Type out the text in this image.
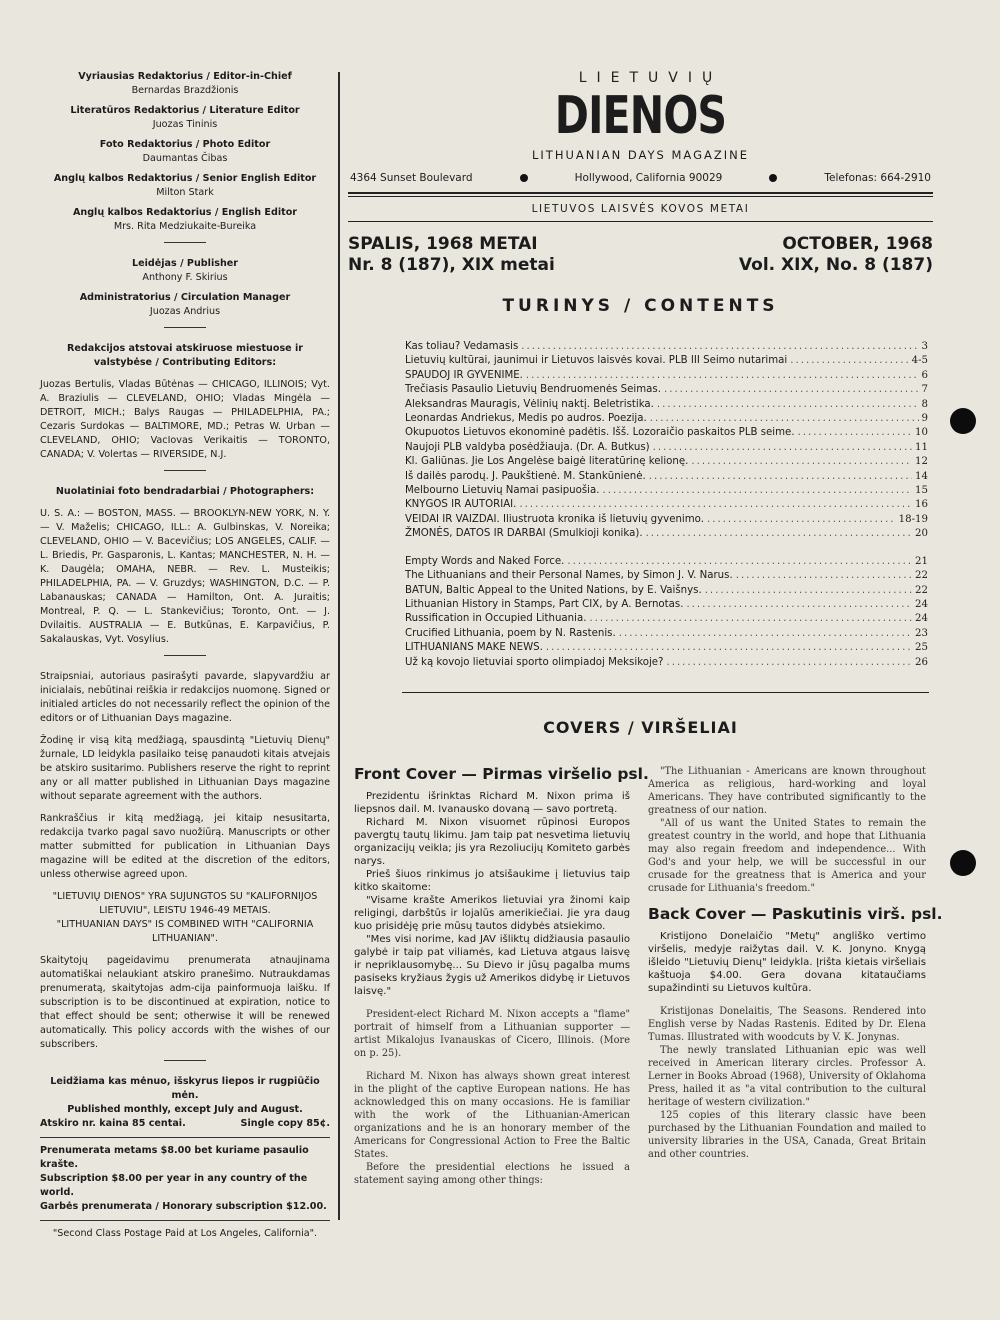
Vyriausias Redaktorius / Editor-in-Chief
Bernardas Brazdžionis
Literatūros Redaktorius / Literature Editor
Juozas Tininis
Foto Redaktorius / Photo Editor
Daumantas Čibas
Anglų kalbos Redaktorius / Senior English Editor
Milton Stark
Anglų kalbos Redaktorius / English Editor
Mrs. Rita Medziukaite-Bureika
Leidėjas / Publisher
Anthony F. Skirius
Administratorius / Circulation Manager
Juozas Andrius
Redakcijos atstovai atskiruose miestuose ir valstybėse / Contributing Editors:
Juozas Bertulis, Vladas Būtėnas — CHICAGO, ILLINOIS; Vyt. A. Braziulis — CLEVELAND, OHIO; Vladas Mingėla — DETROIT, MICH.; Balys Raugas — PHILADELPHIA, PA.; Cezaris Surdokas — BALTIMORE, MD.; Petras W. Urban — CLEVELAND, OHIO; VacIovas Verikaitis — TORONTO, CANADA; V. Volertas — RIVERSIDE, N.J.
Nuolatiniai foto bendradarbiai / Photographers:
U. S. A.: — BOSTON, MASS. — BROOKLYN-NEW YORK, N. Y. — V. Maželis; CHICAGO, ILL.: A. Gulbinskas, V. Noreika; CLEVELAND, OHIO — V. Bacevičius; LOS ANGELES, CALIF. — L. Briedis, Pr. Gasparonis, L. Kantas; MANCHESTER, N. H. — K. Daugėla; OMAHA, NEBR. — Rev. L. Musteikis; PHILADELPHIA, PA. — V. Gruzdys; WASHINGTON, D.C. — P. Labanauskas; CANADA — Hamilton, Ont. A. Juraitis; Montreal, P. Q. — L. Stankevičius; Toronto, Ont. — J. Dvilaitis. AUSTRALIA — E. Butkūnas, E. Karpavičius, P. Sakalauskas, Vyt. Vosylius.
Straipsniai, autoriaus pasirašyti pavarde, slapyvardžiu ar inicialais, nebūtinai reiškia ir redakcijos nuomonę. Signed or initialed articles do not necessarily reflect the opinion of the editors or of Lithuanian Days magazine.
Žodinę ir visą kitą medžiagą, spausdintą "Lietuvių Dienų" žurnale, LD leidykla pasilaiko teisę panaudoti kitais atvejais be atskiro susitarimo. Publishers reserve the right to reprint any or all matter published in Lithuanian Days magazine without separate agreement with the authors.
Rankraščius ir kitą medžiagą, jei kitaip nesusitarta, redakcija tvarko pagal savo nuožiūrą. Manuscripts or other matter submitted for publication in Lithuanian Days magazine will be edited at the discretion of the editors, unless otherwise agreed upon.
"LIETUVIŲ DIENOS" YRA SUJUNGTOS SU "KALIFORNIJOS LIETUVIU", LEISTU 1946-49 METAIS.
"LITHUANIAN DAYS" IS COMBINED WITH "CALIFORNIA LITHUANIAN".
Skaitytojų pageidavimu prenumerata atnaujinama automatiškai nelaukiant atskiro pranešimo. Nutraukdamas prenumeratą, skaitytojas adm-cija painformuoja laišku. If subscription is to be discontinued at expiration, notice to that effect should be sent; otherwise it will be renewed automatically. This policy accords with the wishes of our subscribers.
Leidžiama kas mėnuo, išskyrus liepos ir rugpiūčio mėn.
Published monthly, except July and August.
Atskiro nr. kaina 85 centai.	Single copy 85¢.
Prenumerata metams $8.00 bet kuriame pasaulio krašte.
Subscription $8.00 per year in any country of the world.
Garbės prenumerata / Honorary subscription $12.00.
"Second Class Postage Paid at Los Angeles, California".
LIETUVIŲ
DIENOS
LITHUANIAN DAYS MAGAZINE
4364 Sunset Boulevard	Hollywood, California 90029	Telefonas: 664-2910
LIETUVOS LAISVĖS KOVOS METAI
SPALIS, 1968 METAI
Nr. 8 (187), XIX metai
OCTOBER, 1968
Vol. XIX, No. 8 (187)
TURINYS / CONTENTS
Kas toliau? Vedamasis .....	3
Lietuvių kultūrai, jaunimui ir Lietuvos laisvės kovai. PLB III Seimo nutarimai .....	4-5
SPAUDOJ IR GYVENIME. .....	6
Trečiasis Pasaulio Lietuvių Bendruomenės Seimas. .....	7
Aleksandras Mauragis, Vėlinių naktį. Beletristika. .....	8
Leonardas Andriekus, Medis po audros. Poezija. .....	9
Okupuotos Lietuvos ekonominė padėtis. Išš. Lozoraičio paskaitos PLB seime. .....	10
Naujoji PLB valdyba posėdžiauja. (Dr. A. Butkus) .....	11
Kl. Galiūnas. Jie Los Angelėse baigė literatūrinę kelionę. .....	12
Iš dailės parodų. J. Paukštienė. M. Stankūnienė. .....	14
Melbourno Lietuvių Namai pasipuošia. .....	15
KNYGOS IR AUTORIAI. .....	16
VEIDAI IR VAIZDAI. Iliustruota kronika iš lietuvių gyvenimo. .....	18-19
ŽMONĖS, DATOS IR DARBAI (Smulkioji konika). .....	20
Empty Words and Naked Force. .....	21
The Lithuanians and their Personal Names, by Simon J. V. Narus. .....	22
BATUN, Baltic Appeal to the United Nations, by E. Vaišnys. .....	22
Lithuanian History in Stamps, Part CIX, by A. Bernotas. .....	24
Russification in Occupied Lithuania. .....	24
Crucified Lithuania, poem by N. Rastenis. .....	23
LITHUANIANS MAKE NEWS. .....	25
Už ką kovojo lietuviai sporto olimpiadoj Meksikoje? .....	26
COVERS / VIRŠELIAI
Front Cover — Pirmas viršelio psl.

Prezidentu išrinktas Richard M. Nixon prima iš liepsnos dail. M. Ivanausko dovaną — savo portretą.

Richard M. Nixon visuomet rūpinosi Europos pavergtų tautų likimu. Jam taip pat nesvetima lietuvių organizacijų veikla; jis yra Rezoliucijų Komiteto garbės narys.

Prieš šiuos rinkimus jo atsišaukime į lietuvius taip kitko skaitome:

"Visame krašte Amerikos lietuviai yra žinomi kaip religingi, darbštūs ir lojalūs amerikiečiai. Jie yra daug kuo prisidėję prie mūsų tautos didybės atsiekimo.

"Mes visi norime, kad JAV išliktų didžiausia pasaulio galybė ir taip pat viliamės, kad Lietuva atgaus laisvę ir nepriklausomybę... Su Dievo ir jūsų pagalba mums pasiseks kryžiaus žygis už Amerikos didybę ir Lietuvos laisvę."

President-elect Richard M. Nixon accepts a "flame" portrait of himself from a Lithuanian supporter — artist Mikalojus Ivanauskas of Cicero, Illinois. (More on p. 25).

Richard M. Nixon has always shown great interest in the plight of the captive European nations. He has acknowledged this on many occasions. He is familiar with the work of the Lithuanian-American organizations and he is an honorary member of the Americans for Congressional Action to Free the Baltic States.

Before the presidential elections he issued a statement saying among other things:

"The Lithuanian - Americans are known throughout America as religious, hard-working and loyal Americans. They have contributed significantly to the greatness of our nation.

"All of us want the United States to remain the greatest country in the world, and hope that Lithuania may also regain freedom and independence... With God's and your help, we will be successful in our crusade for the greatness that is America and your crusade for Lithuania's freedom."

Back Cover — Paskutinis virš. psl.

Kristijono Donelaičio "Metų" angliško vertimo viršelis, medyje raižytas dail. V. K. Jonyno. Knygą išleido "Lietuvių Dienų" leidykla. Įrišta kietais viršeliais kaštuoja $4.00. Gera dovana kitataučiams supažindinti su Lietuvos kultūra.

Kristijonas Donelaitis, The Seasons. Rendered into English verse by Nadas Rastenis. Edited by Dr. Elena Tumas. Illustrated with woodcuts by V. K. Jonynas.

The newly translated Lithuanian epic was well received in American literary circles. Professor A. Lerner in Books Abroad (1968), University of Oklahoma Press, hailed it as "a vital contribution to the cultural heritage of western civilization."

125 copies of this literary classic have been purchased by the Lithuanian Foundation and mailed to university libraries in the USA, Canada, Great Britain and other countries.
